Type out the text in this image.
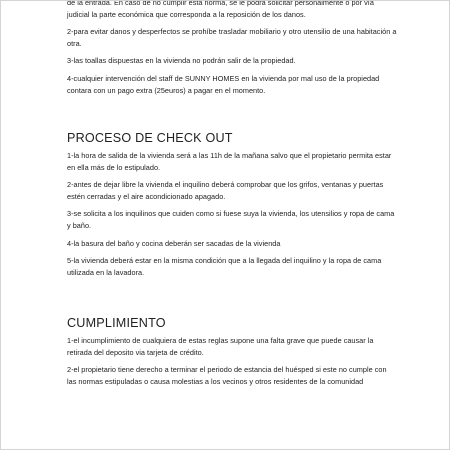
de la entrada. En caso de no cumplir esta norma, se le podrá solicitar personalmente o por vía judicial la parte económica que corresponda a la reposición de los danos.

2-para evitar danos y desperfectos se prohíbe trasladar mobiliario y otro utensilio de una habitación a otra.

3-las toallas dispuestas en la vivienda no podrán salir de la propiedad.

4-cualquier intervención del staff de SUNNY HOMES en la vivienda por mal uso de la propiedad contara con un pago extra (25euros) a pagar en el momento.

PROCESO DE CHECK OUT

1-la hora de salida de la vivienda será a las 11h de la mañana salvo que el propietario permita estar en ella más de lo estipulado.

2-antes de dejar libre la vivienda el inquilino deberá comprobar que los grifos, ventanas y puertas estén cerradas y el aire acondicionado apagado.

3-se solicita a los inquilinos que cuiden como si fuese suya la vivienda, los utensilios y ropa de cama y baño.

4-la basura del baño y cocina deberán ser sacadas de la vivienda

5-la vivienda deberá estar en la misma condición que a la llegada del inquilino y la ropa de cama utilizada en la lavadora.

CUMPLIMIENTO

1-el incumplimiento de cualquiera de estas reglas supone una falta grave que puede causar la retirada del deposito via tarjeta de crédito.

2-el propietario tiene derecho a terminar el periodo de estancia del huésped si este no cumple con las normas estipuladas o causa molestias a los vecinos y otros residentes de la comunidad
